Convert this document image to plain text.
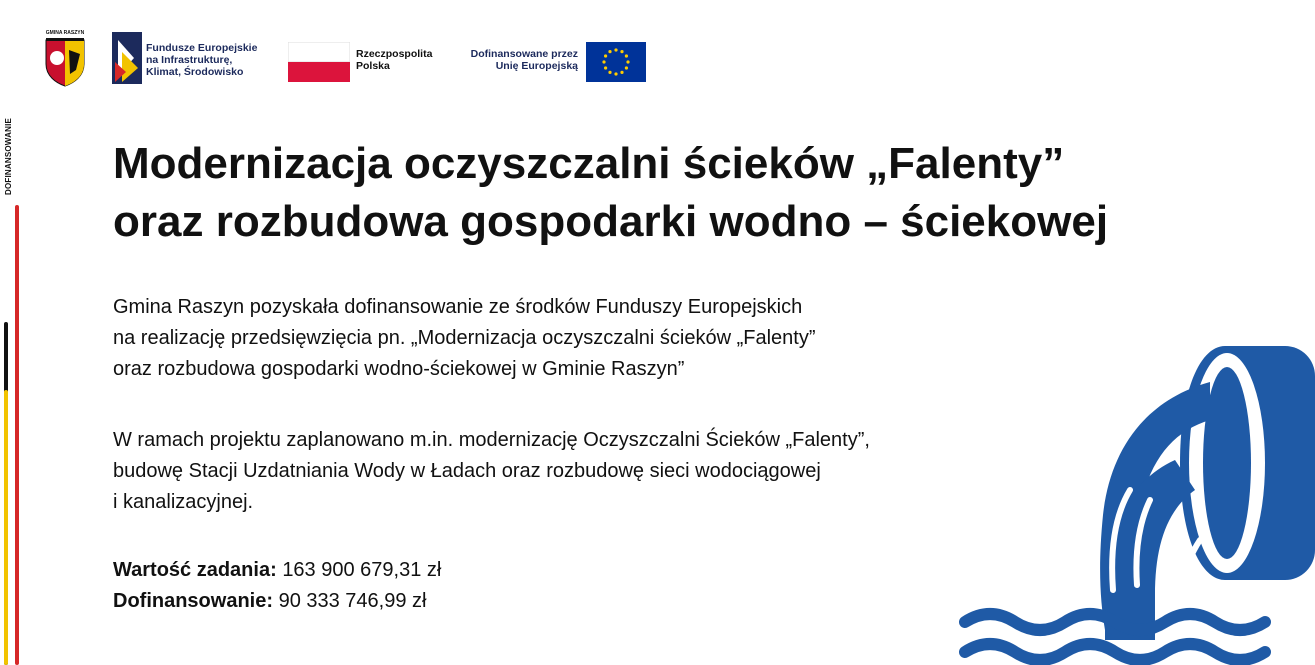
DOFINANSOWANIE
GMINA RASZYN
Fundusze Europejskie
na Infrastrukturę,
Klimat, Środowisko
Rzeczpospolita
Polska
Dofinansowane przez
Unię Europejską
Modernizacja oczyszczalni ścieków „Falenty”
oraz rozbudowa gospodarki wodno – ściekowej
Gmina Raszyn pozyskała dofinansowanie ze środków Funduszy Europejskich
na realizację przedsięwzięcia pn. „Modernizacja oczyszczalni ścieków „Falenty”
oraz rozbudowa gospodarki wodno-ściekowej w Gminie Raszyn”
W ramach projektu zaplanowano m.in. modernizację Oczyszczalni Ścieków „Falenty”,
budowę Stacji Uzdatniania Wody w Ładach oraz rozbudowę sieci wodociągowej
i kanalizacyjnej.
Wartość zadania: 163 900 679,31 zł
Dofinansowanie: 90 333 746,99 zł
